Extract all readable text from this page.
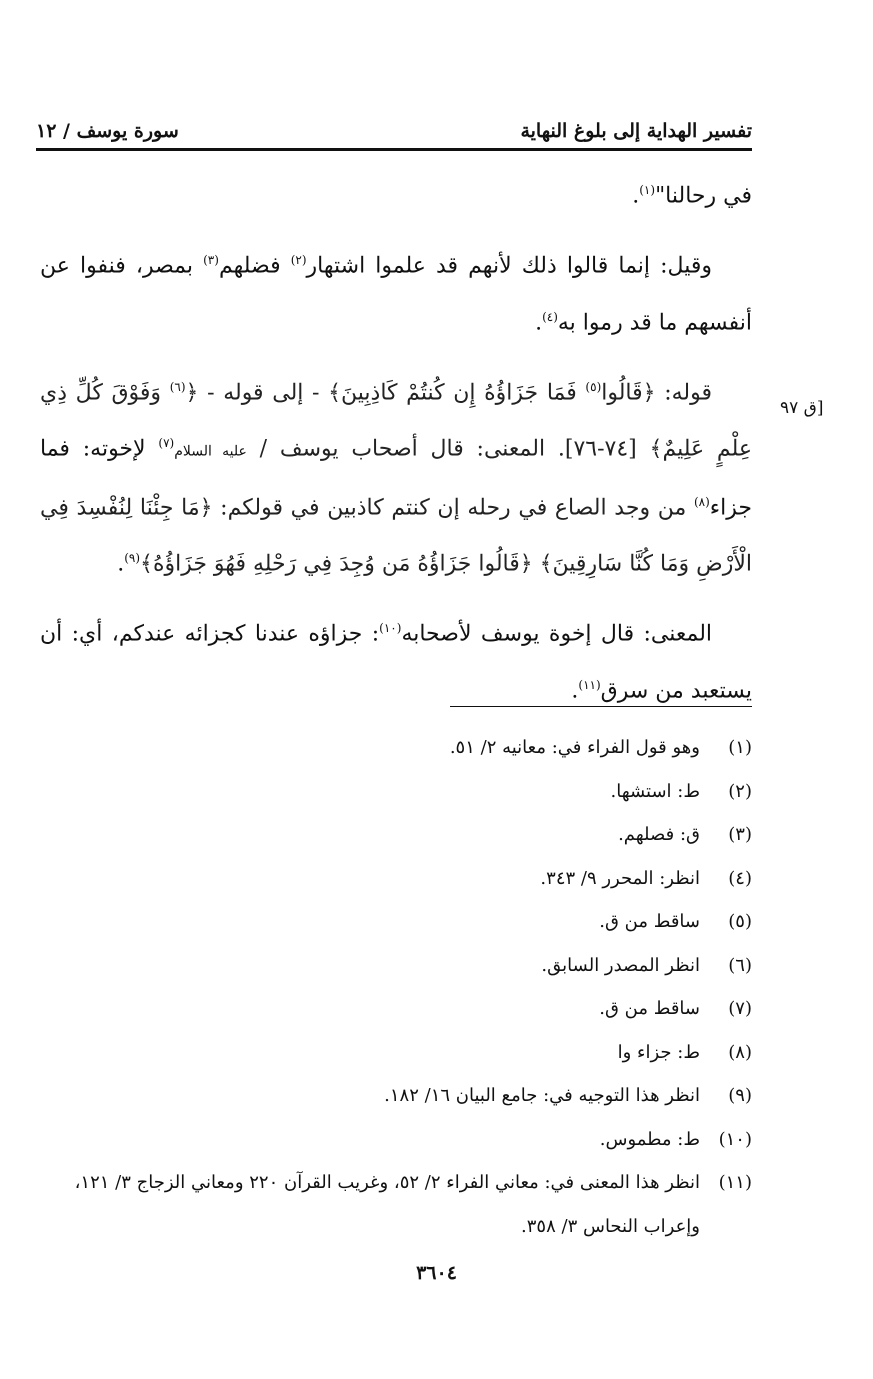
تفسير الهداية إلى بلوغ النهاية
سورة يوسف / ١٢
[ق ٩٧

في رحالنا"$^{(١)}$.

وقيل: إنما قالوا ذلك لأنهم قد علموا اشتهار$^{(٢)}$ فضلهم$^{(٣)}$ بمصر، فنفوا عن أنفسهم ما قد رموا به$^{(٤)}$.

قوله: ﴿قَالُوا$^{(٥)}$ فَمَا جَزَاؤُهُ إِن كُنتُمْ كَاذِبِينَ﴾ - إلى قوله - ﴿$^{(٦)}$ وَفَوْقَ كُلِّ ذِي عِلْمٍ عَلِيمٌ﴾ [٧٤-٧٦]. المعنى: قال أصحاب يوسف / عليه السلام$^{(٧)}$ لإخوته: فما جزاء$^{(٨)}$ من وجد الصاع في رحله إن كنتم كاذبين في قولكم: ﴿مَا جِئْنَا لِنُفْسِدَ فِي الْأَرْضِ وَمَا كُنَّا سَارِقِينَ﴾ ﴿قَالُوا جَزَاؤُهُ مَن وُجِدَ فِي رَحْلِهِ فَهُوَ جَزَاؤُهُ﴾$^{(٩)}$.

المعنى: قال إخوة يوسف لأصحابه$^{(١٠)}$: جزاؤه عندنا كجزائه عندكم، أي: أن يستعبد من سرق$^{(١١)}$.

(١)
وهو قول الفراء في: معانيه ٢/ ٥١.
(٢)
ط: استشها.
(٣)
ق: فصلهم.
(٤)
انظر: المحرر ٩/ ٣٤٣.
(٥)
ساقط من ق.
(٦)
انظر المصدر السابق.
(٧)
ساقط من ق.
(٨)
ط: جزاء وا
(٩)
انظر هذا التوجيه في: جامع البيان ١٦/ ١٨٢.
(١٠)
ط: مطموس.
(١١)
انظر هذا المعنى في: معاني الفراء ٢/ ٥٢، وغريب القرآن ٢٢٠ ومعاني الزجاج ٣/ ١٢١، وإعراب النحاس ٣/ ٣٥٨.
٣٦٠٤
